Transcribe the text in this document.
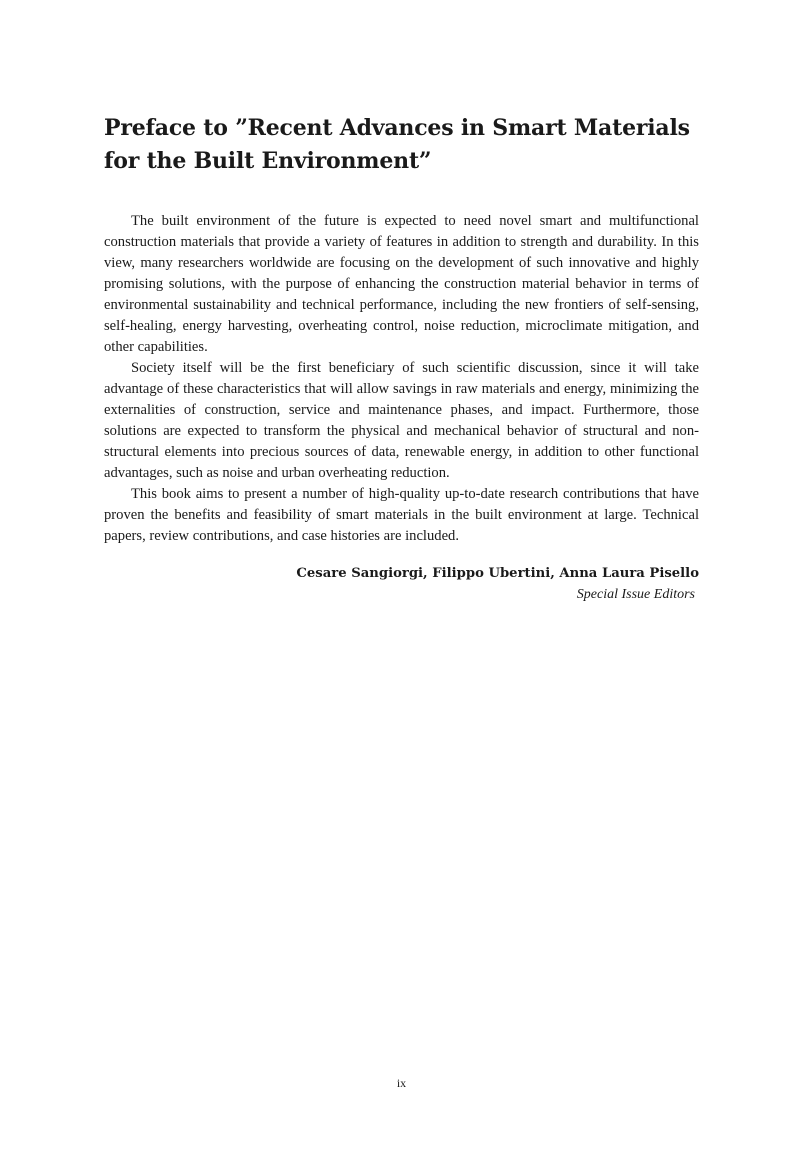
Preface to ”Recent Advances in Smart Materials for the Built Environment”

The built environment of the future is expected to need novel smart and multifunctional construction materials that provide a variety of features in addition to strength and durability. In this view, many researchers worldwide are focusing on the development of such innovative and highly promising solutions, with the purpose of enhancing the construction material behavior in terms of environmental sustainability and technical performance, including the new frontiers of self-sensing, self-healing, energy harvesting, overheating control, noise reduction, microclimate mitigation, and other capabilities.

Society itself will be the first beneficiary of such scientific discussion, since it will take advantage of these characteristics that will allow savings in raw materials and energy, minimizing the externalities of construction, service and maintenance phases, and impact. Furthermore, those solutions are expected to transform the physical and mechanical behavior of structural and non-structural elements into precious sources of data, renewable energy, in addition to other functional advantages, such as noise and urban overheating reduction.

This book aims to present a number of high-quality up-to-date research contributions that have proven the benefits and feasibility of smart materials in the built environment at large. Technical papers, review contributions, and case histories are included.

Cesare Sangiorgi, Filippo Ubertini, Anna Laura Pisello
Special Issue Editors
ix
